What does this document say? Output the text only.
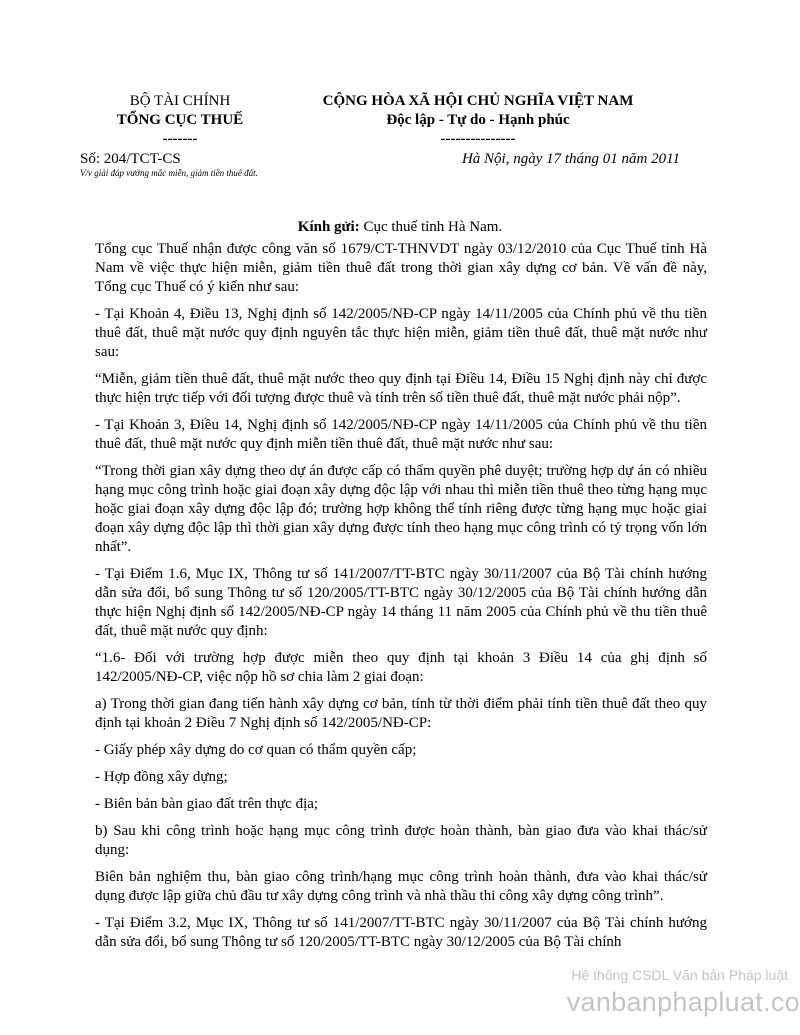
BỘ TÀI CHÍNH
TỔNG CỤC THUẾ
-------
CỘNG HÒA XÃ HỘI CHỦ NGHĨA VIỆT NAM
Độc lập - Tự do - Hạnh phúc
---------------
Số: 204/TCT-CS
V/v giải đáp vướng mắc miễn, giảm tiền thuê đất.
Hà Nội, ngày 17 tháng 01 năm 2011
Kính gửi: Cục thuế tỉnh Hà Nam.

Tổng cục Thuế nhận được công văn số 1679/CT-THNVDT ngày 03/12/2010 của Cục Thuế tỉnh Hà Nam về việc thực hiện miễn, giảm tiền thuê đất trong thời gian xây dựng cơ bản. Về vấn đề này, Tổng cục Thuế có ý kiến như sau:

- Tại Khoản 4, Điều 13, Nghị định số 142/2005/NĐ-CP ngày 14/11/2005 của Chính phủ về thu tiền thuê đất, thuê mặt nước quy định nguyên tắc thực hiện miễn, giảm tiền thuê đất, thuê mặt nước như sau:

“Miễn, giảm tiền thuê đất, thuê mặt nước theo quy định tại Điều 14, Điều 15 Nghị định này chỉ được thực hiện trực tiếp với đối tượng được thuê và tính trên số tiền thuê đất, thuê mặt nước phải nộp”.

- Tại Khoản 3, Điều 14, Nghị định số 142/2005/NĐ-CP ngày 14/11/2005 của Chính phủ về thu tiền thuê đất, thuê mặt nước quy định miễn tiền thuê đất, thuê mặt nước như sau:

“Trong thời gian xây dựng theo dự án được cấp có thẩm quyền phê duyệt; trường hợp dự án có nhiều hạng mục công trình hoặc giai đoạn xây dựng độc lập với nhau thì miễn tiền thuê theo từng hạng mục hoặc giai đoạn xây dựng độc lập đó; trường hợp không thể tính riêng được từng hạng mục hoặc giai đoạn xây dựng độc lập thì thời gian xây dựng được tính theo hạng mục công trình có tỷ trọng vốn lớn nhất”.

- Tại Điểm 1.6, Mục IX, Thông tư số 141/2007/TT-BTC ngày 30/11/2007 của Bộ Tài chính hướng dẫn sửa đổi, bổ sung Thông tư số 120/2005/TT-BTC ngày 30/12/2005 của Bộ Tài chính hướng dẫn thực hiện Nghị định số 142/2005/NĐ-CP ngày 14 tháng 11 năm 2005 của Chính phủ về thu tiền thuê đất, thuê mặt nước quy định:

“1.6- Đối với trường hợp được miễn theo quy định tại khoản 3 Điều 14 của ghị định số 142/2005/NĐ-CP, việc nộp hồ sơ chia làm 2 giai đoạn:

a) Trong thời gian đang tiến hành xây dựng cơ bản, tính từ thời điểm phải tính tiền thuê đất theo quy định tại khoản 2 Điều 7 Nghị định số 142/2005/NĐ-CP:

- Giấy phép xây dựng do cơ quan có thẩm quyền cấp;

- Hợp đồng xây dựng;

- Biên bản bàn giao đất trên thực địa;

b) Sau khi công trình hoặc hạng mục công trình được hoàn thành, bàn giao đưa vào khai thác/sử dụng:

Biên bản nghiệm thu, bàn giao công trình/hạng mục công trình hoàn thành, đưa vào khai thác/sử dụng được lập giữa chủ đầu tư xây dựng công trình và nhà thầu thi công xây dựng công trình”.

- Tại Điểm 3.2, Mục IX, Thông tư số 141/2007/TT-BTC ngày 30/11/2007 của Bộ Tài chính hướng dẫn sửa đổi, bổ sung Thông tư số 120/2005/TT-BTC ngày 30/12/2005 của Bộ Tài chính

Hệ thống CSDL Văn bản Pháp luật
vanbanphapluat.co
